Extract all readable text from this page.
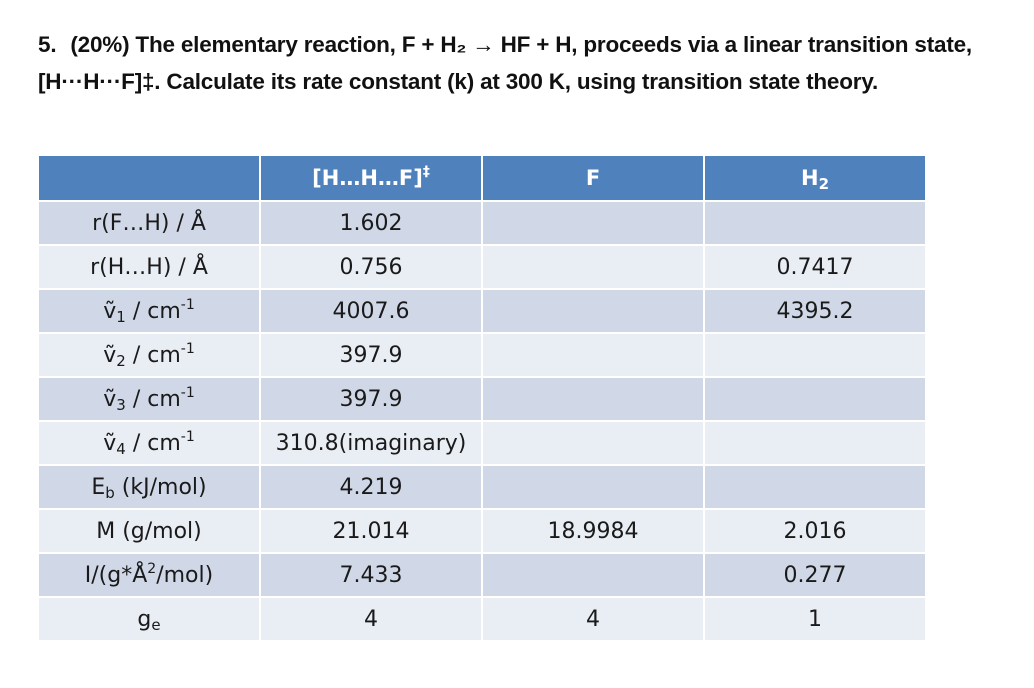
5. (20%) The elementary reaction, F + H₂ → HF + H, proceeds via a linear transition state,
[H···H···F]‡. Calculate its rate constant (k) at 300 K, using transition state theory.
	[H…H…F]‡	F	$H_2$
r(F…H) / Å	1.602		
r(H…H) / Å	0.756		0.7417
ṽ$_1$ / $cm^{-1}$	4007.6		4395.2
ṽ$_2$ / $cm^{-1}$	397.9		
ṽ$_3$ / $cm^{-1}$	397.9		
ṽ$_4$ / $cm^{-1}$	310.8(imaginary)		
$E_b$ (kJ/mol)	4.219		
M (g/mol)	21.014	18.9984	2.016
$I/(g*Å^2/mol)$	7.433		0.277
$g_e$	4	4	1
